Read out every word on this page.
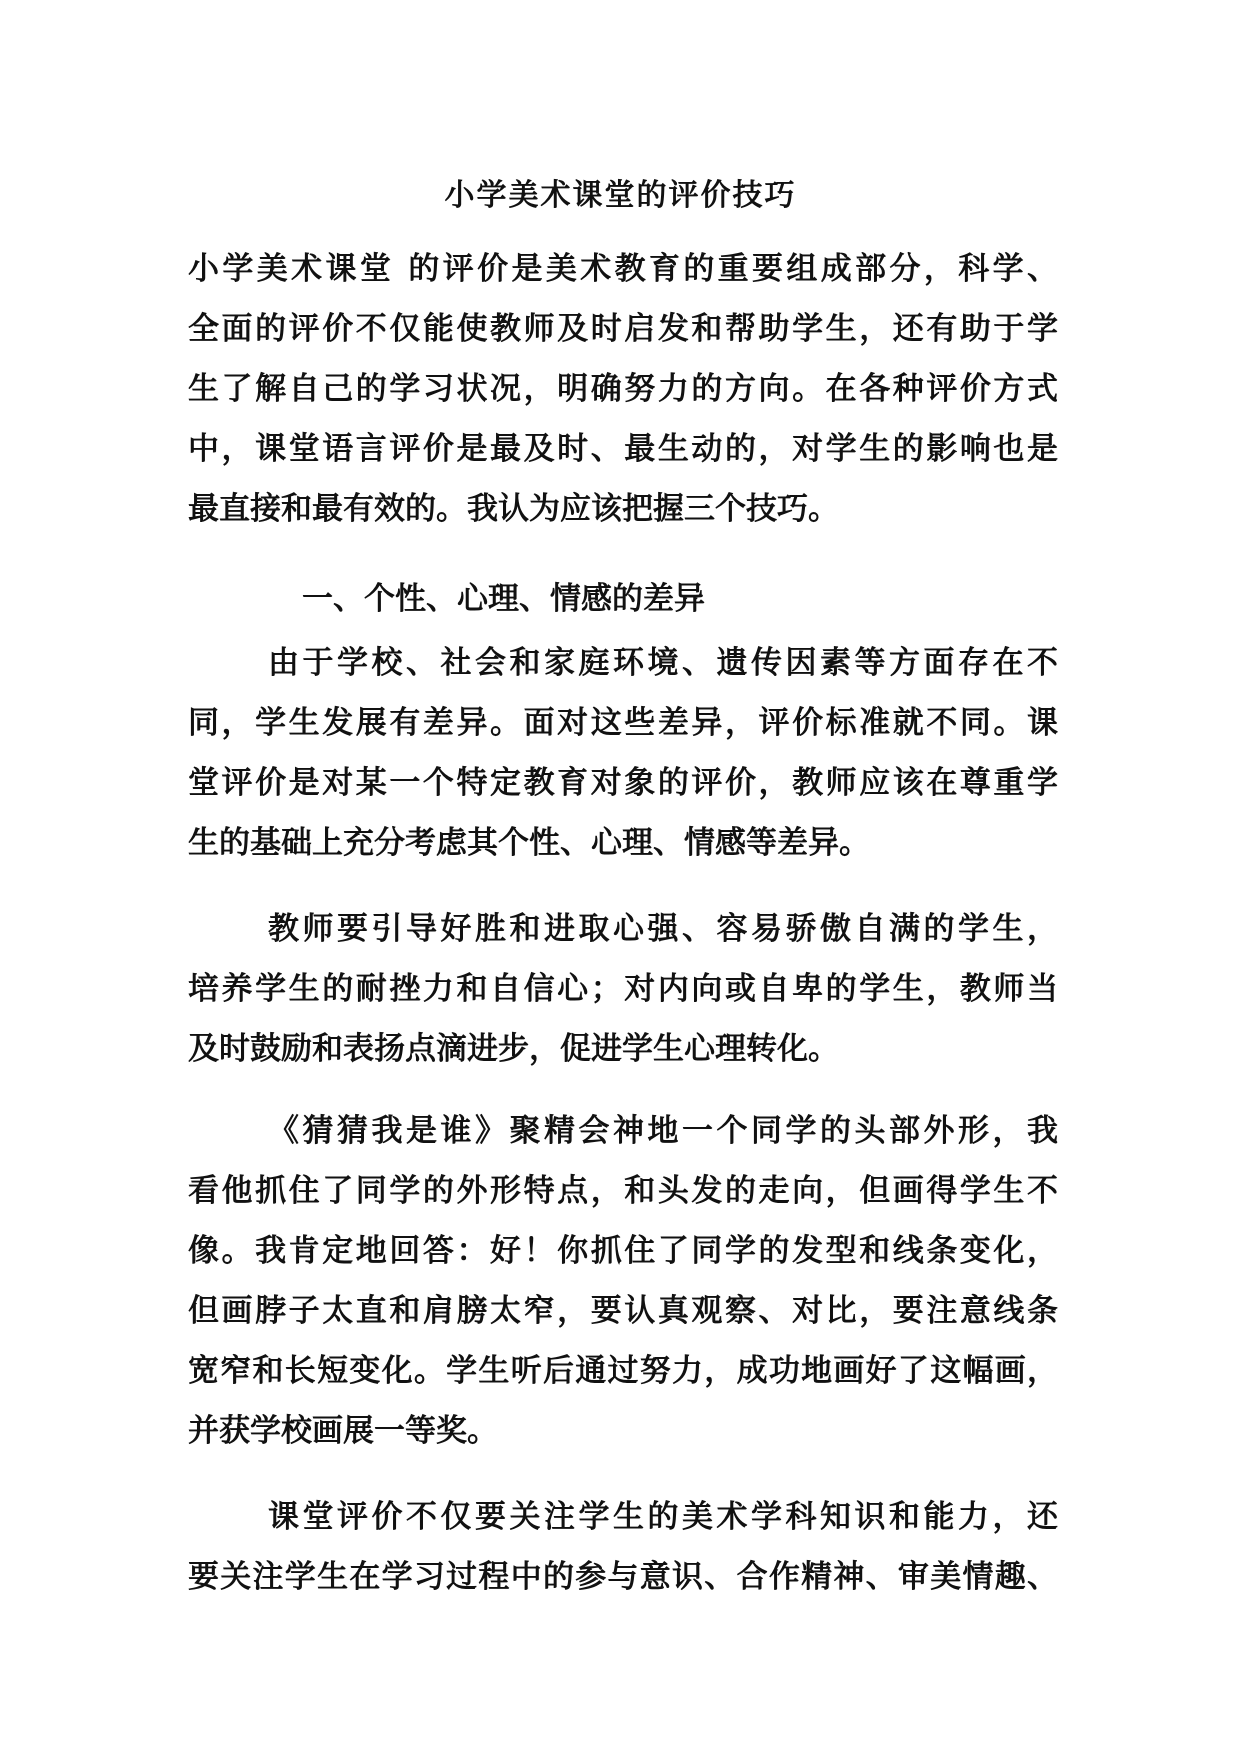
小学美术课堂的评价技巧

小学美术课堂 的评价是美术教育的重要组成部分，科学、

全面的评价不仅能使教师及时启发和帮助学生，还有助于学

生了解自己的学习状况，明确努力的方向。在各种评价方式

中，课堂语言评价是最及时、最生动的，对学生的影响也是

最直接和最有效的。我认为应该把握三个技巧。

一、个性、心理、情感的差异

由于学校、社会和家庭环境、遗传因素等方面存在不

同，学生发展有差异。面对这些差异，评价标准就不同。课

堂评价是对某一个特定教育对象的评价，教师应该在尊重学

生的基础上充分考虑其个性、心理、情感等差异。

教师要引导好胜和进取心强、容易骄傲自满的学生，

培养学生的耐挫力和自信心；对内向或自卑的学生，教师当

及时鼓励和表扬点滴进步，促进学生心理转化。

《猜猜我是谁》聚精会神地一个同学的头部外形，我

看他抓住了同学的外形特点，和头发的走向，但画得学生不

像。我肯定地回答：好！你抓住了同学的发型和线条变化，

但画脖子太直和肩膀太窄，要认真观察、对比，要注意线条

宽窄和长短变化。学生听后通过努力，成功地画好了这幅画，

并获学校画展一等奖。

课堂评价不仅要关注学生的美术学科知识和能力，还

要关注学生在学习过程中的参与意识、合作精神、审美情趣、
